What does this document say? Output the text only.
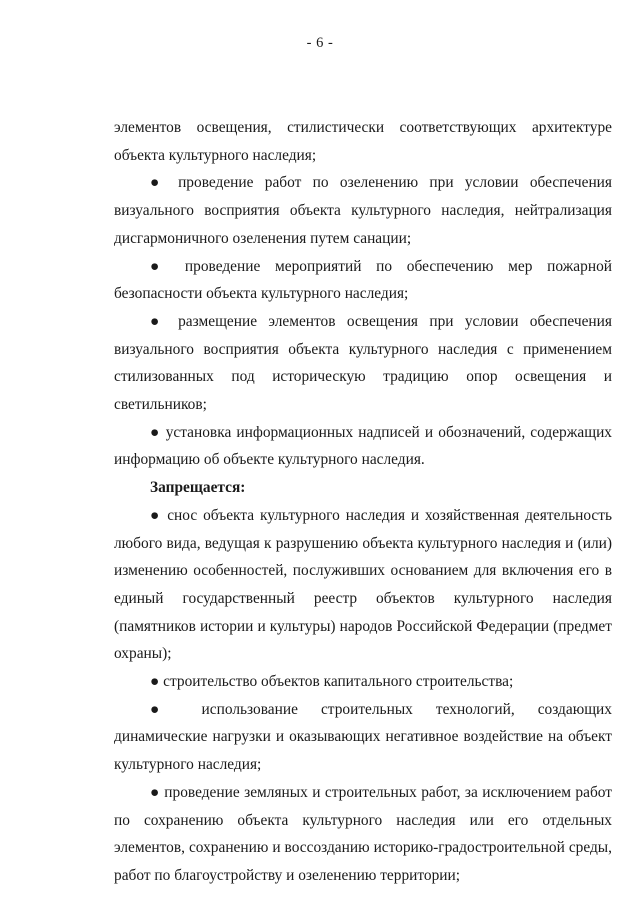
- 6 -

элементов освещения, стилистически соответствующих архитектуре объекта культурного наследия;

● проведение работ по озеленению при условии обеспечения визуального восприятия объекта культурного наследия, нейтрализация дисгармоничного озеленения путем санации;

● проведение мероприятий по обеспечению мер пожарной безопасности объекта культурного наследия;

● размещение элементов освещения при условии обеспечения визуального восприятия объекта культурного наследия с применением стилизованных под историческую традицию опор освещения и светильников;

● установка информационных надписей и обозначений, содержащих информацию об объекте культурного наследия.

Запрещается:

● снос объекта культурного наследия и хозяйственная деятельность любого вида, ведущая к разрушению объекта культурного наследия и (или) изменению особенностей, послуживших основанием для включения его в единый государственный реестр объектов культурного наследия (памятников истории и культуры) народов Российской Федерации (предмет охраны);

● строительство объектов капитального строительства;

● использование строительных технологий, создающих динамические нагрузки и оказывающих негативное воздействие на объект культурного наследия;

● проведение земляных и строительных работ, за исключением работ по сохранению объекта культурного наследия или его отдельных элементов, сохранению и воссозданию историко-градостроительной среды, работ по благоустройству и озеленению территории;
